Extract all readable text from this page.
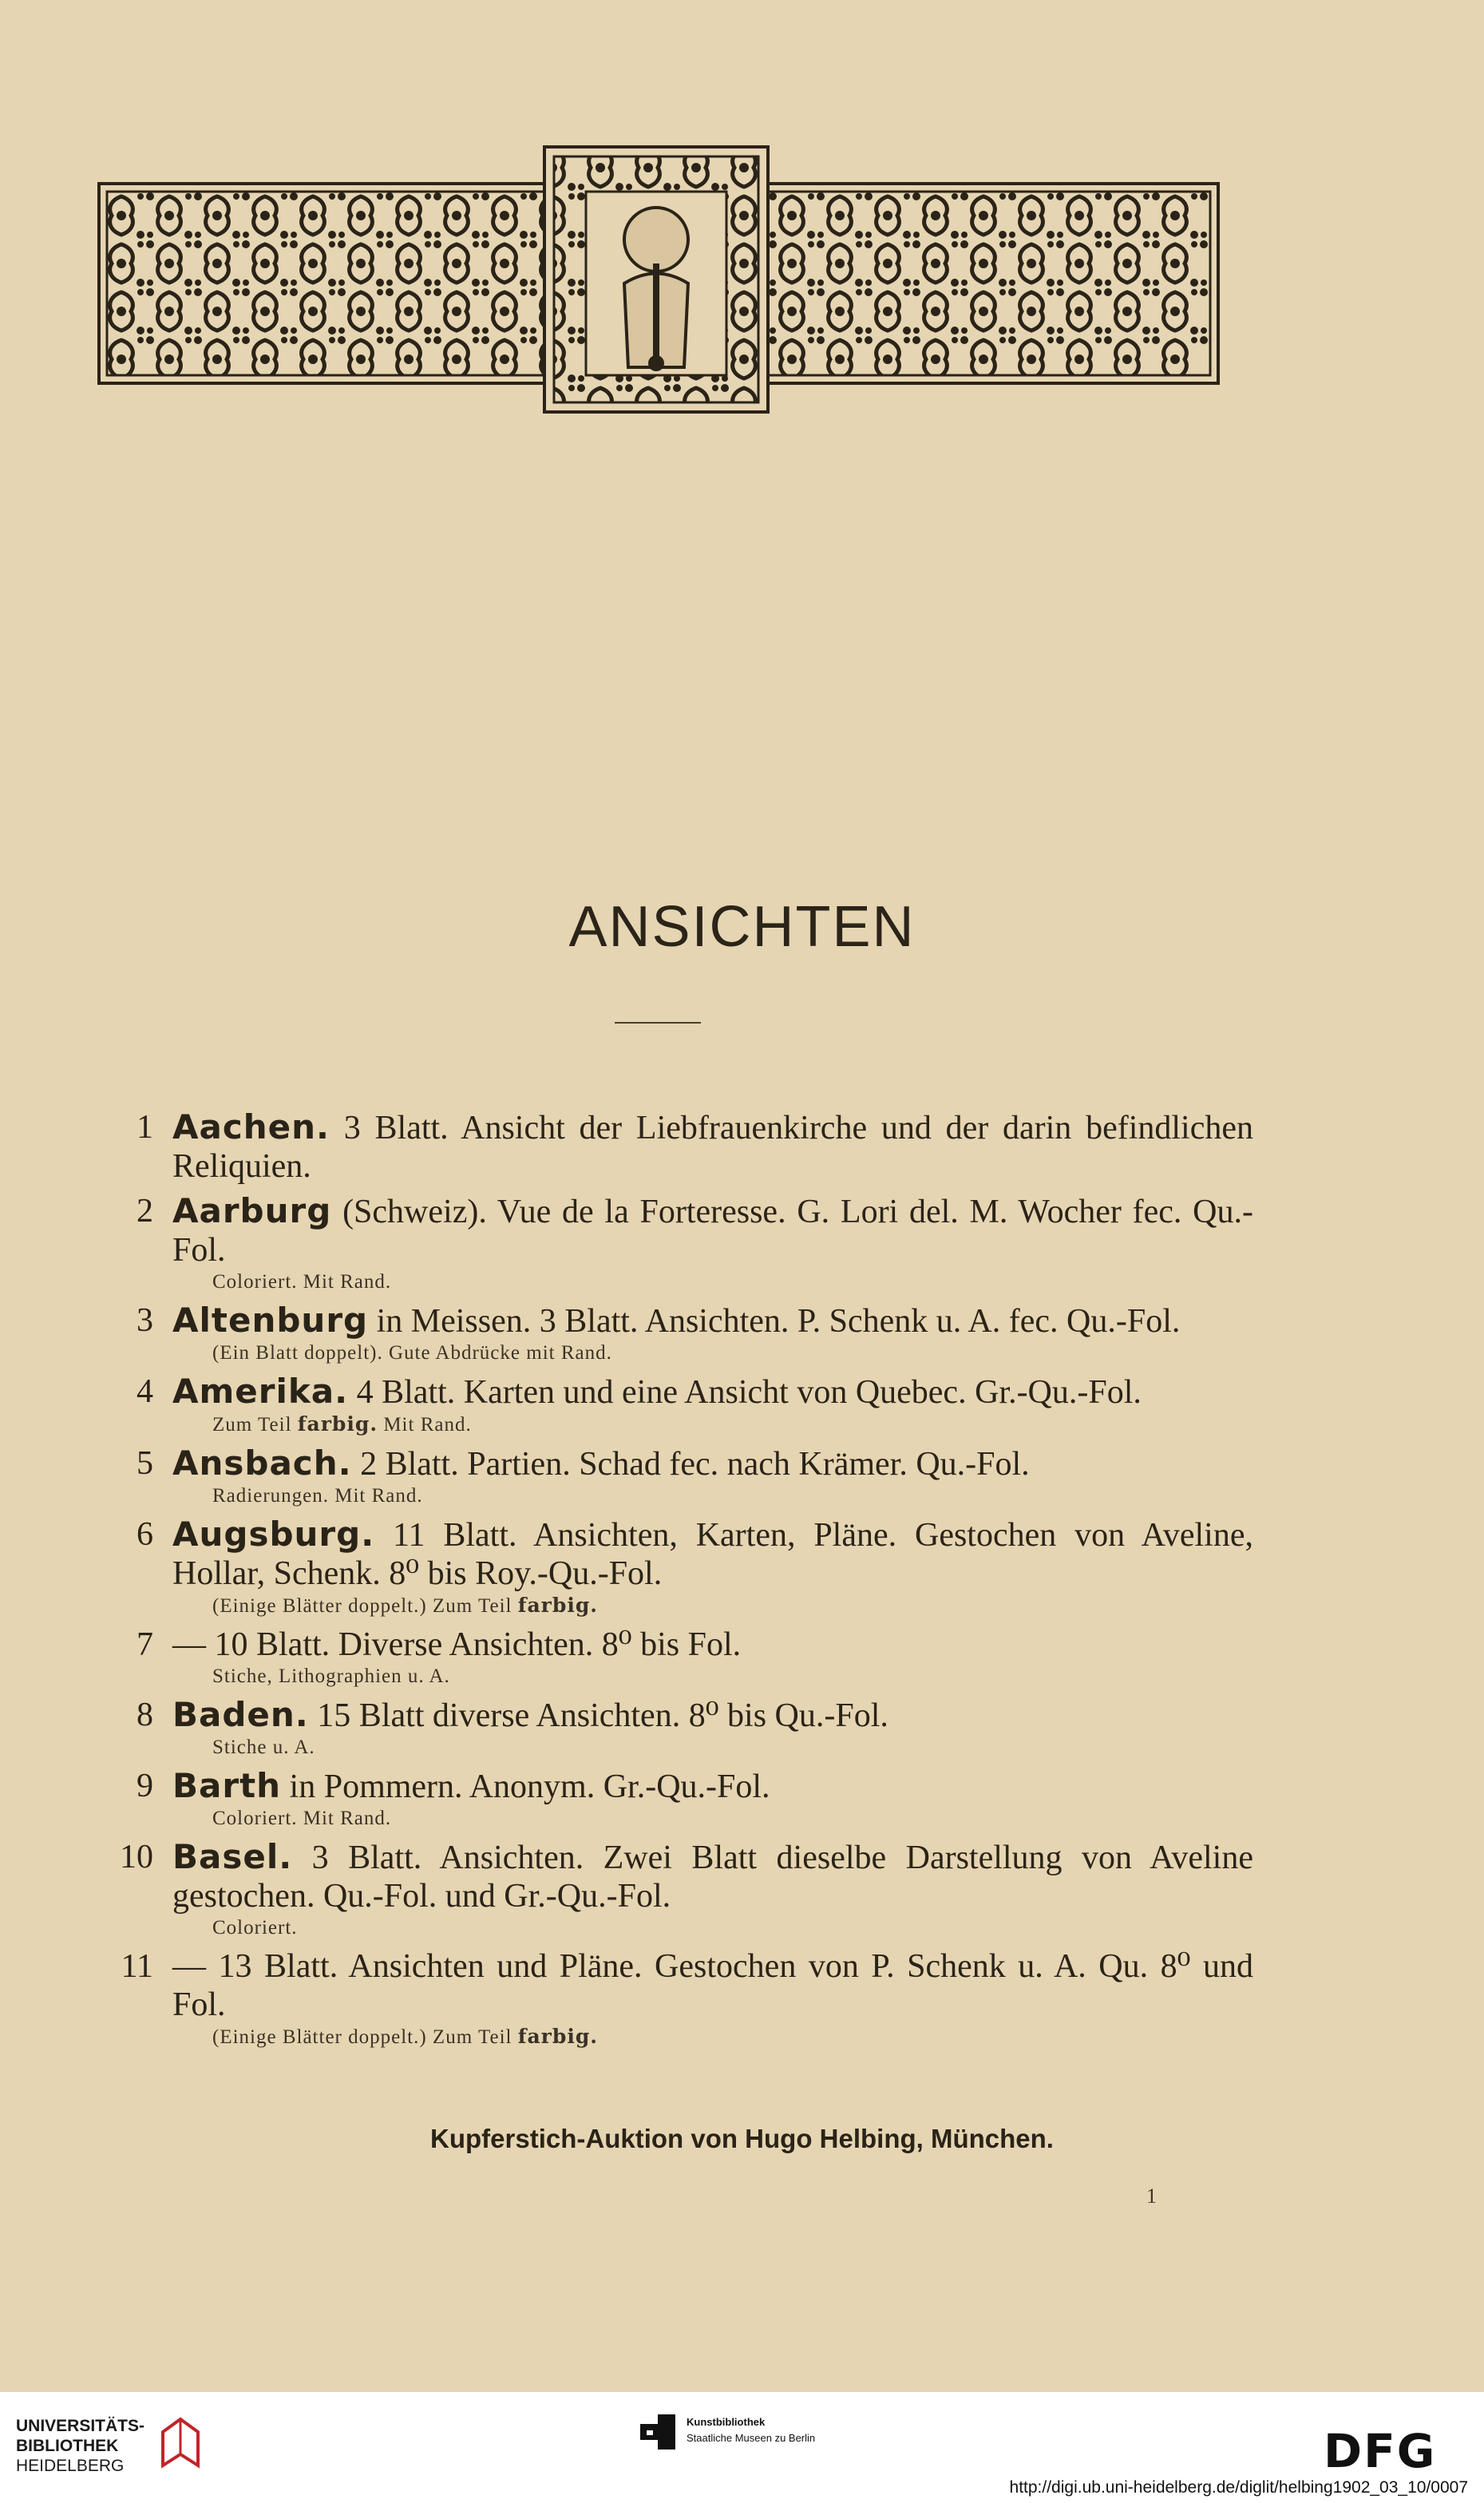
ANSICHTEN
1 Aachen. 3 Blatt. Ansicht der Liebfrauenkirche und der darin befindlichen Reliquien.
2 Aarburg (Schweiz). Vue de la Forteresse. G. Lori del. M. Wocher fec. Qu.-Fol.
Coloriert. Mit Rand.
3 Altenburg in Meissen. 3 Blatt. Ansichten. P. Schenk u. A. fec. Qu.-Fol.
(Ein Blatt doppelt). Gute Abdrücke mit Rand.
4 Amerika. 4 Blatt. Karten und eine Ansicht von Quebec. Gr.-Qu.-Fol.
Zum Teil farbig. Mit Rand.
5 Ansbach. 2 Blatt. Partien. Schad fec. nach Krämer. Qu.-Fol.
Radierungen. Mit Rand.
6 Augsburg. 11 Blatt. Ansichten, Karten, Pläne. Gestochen von Aveline, Hollar, Schenk. 8⁰ bis Roy.-Qu.-Fol.
(Einige Blätter doppelt.) Zum Teil farbig.
7 — 10 Blatt. Diverse Ansichten. 8⁰ bis Fol.
Stiche, Lithographien u. A.
8 Baden. 15 Blatt diverse Ansichten. 8⁰ bis Qu.-Fol.
Stiche u. A.
9 Barth in Pommern. Anonym. Gr.-Qu.-Fol.
Coloriert. Mit Rand.
10 Basel. 3 Blatt. Ansichten. Zwei Blatt dieselbe Darstellung von Aveline gestochen. Qu.-Fol. und Gr.-Qu.-Fol.
Coloriert.
11 — 13 Blatt. Ansichten und Pläne. Gestochen von P. Schenk u. A. Qu. 8⁰ und Fol.
(Einige Blätter doppelt.) Zum Teil farbig.
Kupferstich-Auktion von Hugo Helbing, München.
1
UNIVERSITÄTS-
BIBLIOTHEK
HEIDELBERG
Kunstbibliothek
Staatliche Museen zu Berlin	DFG
http://digi.ub.uni-heidelberg.de/diglit/helbing1902_03_10/0007
